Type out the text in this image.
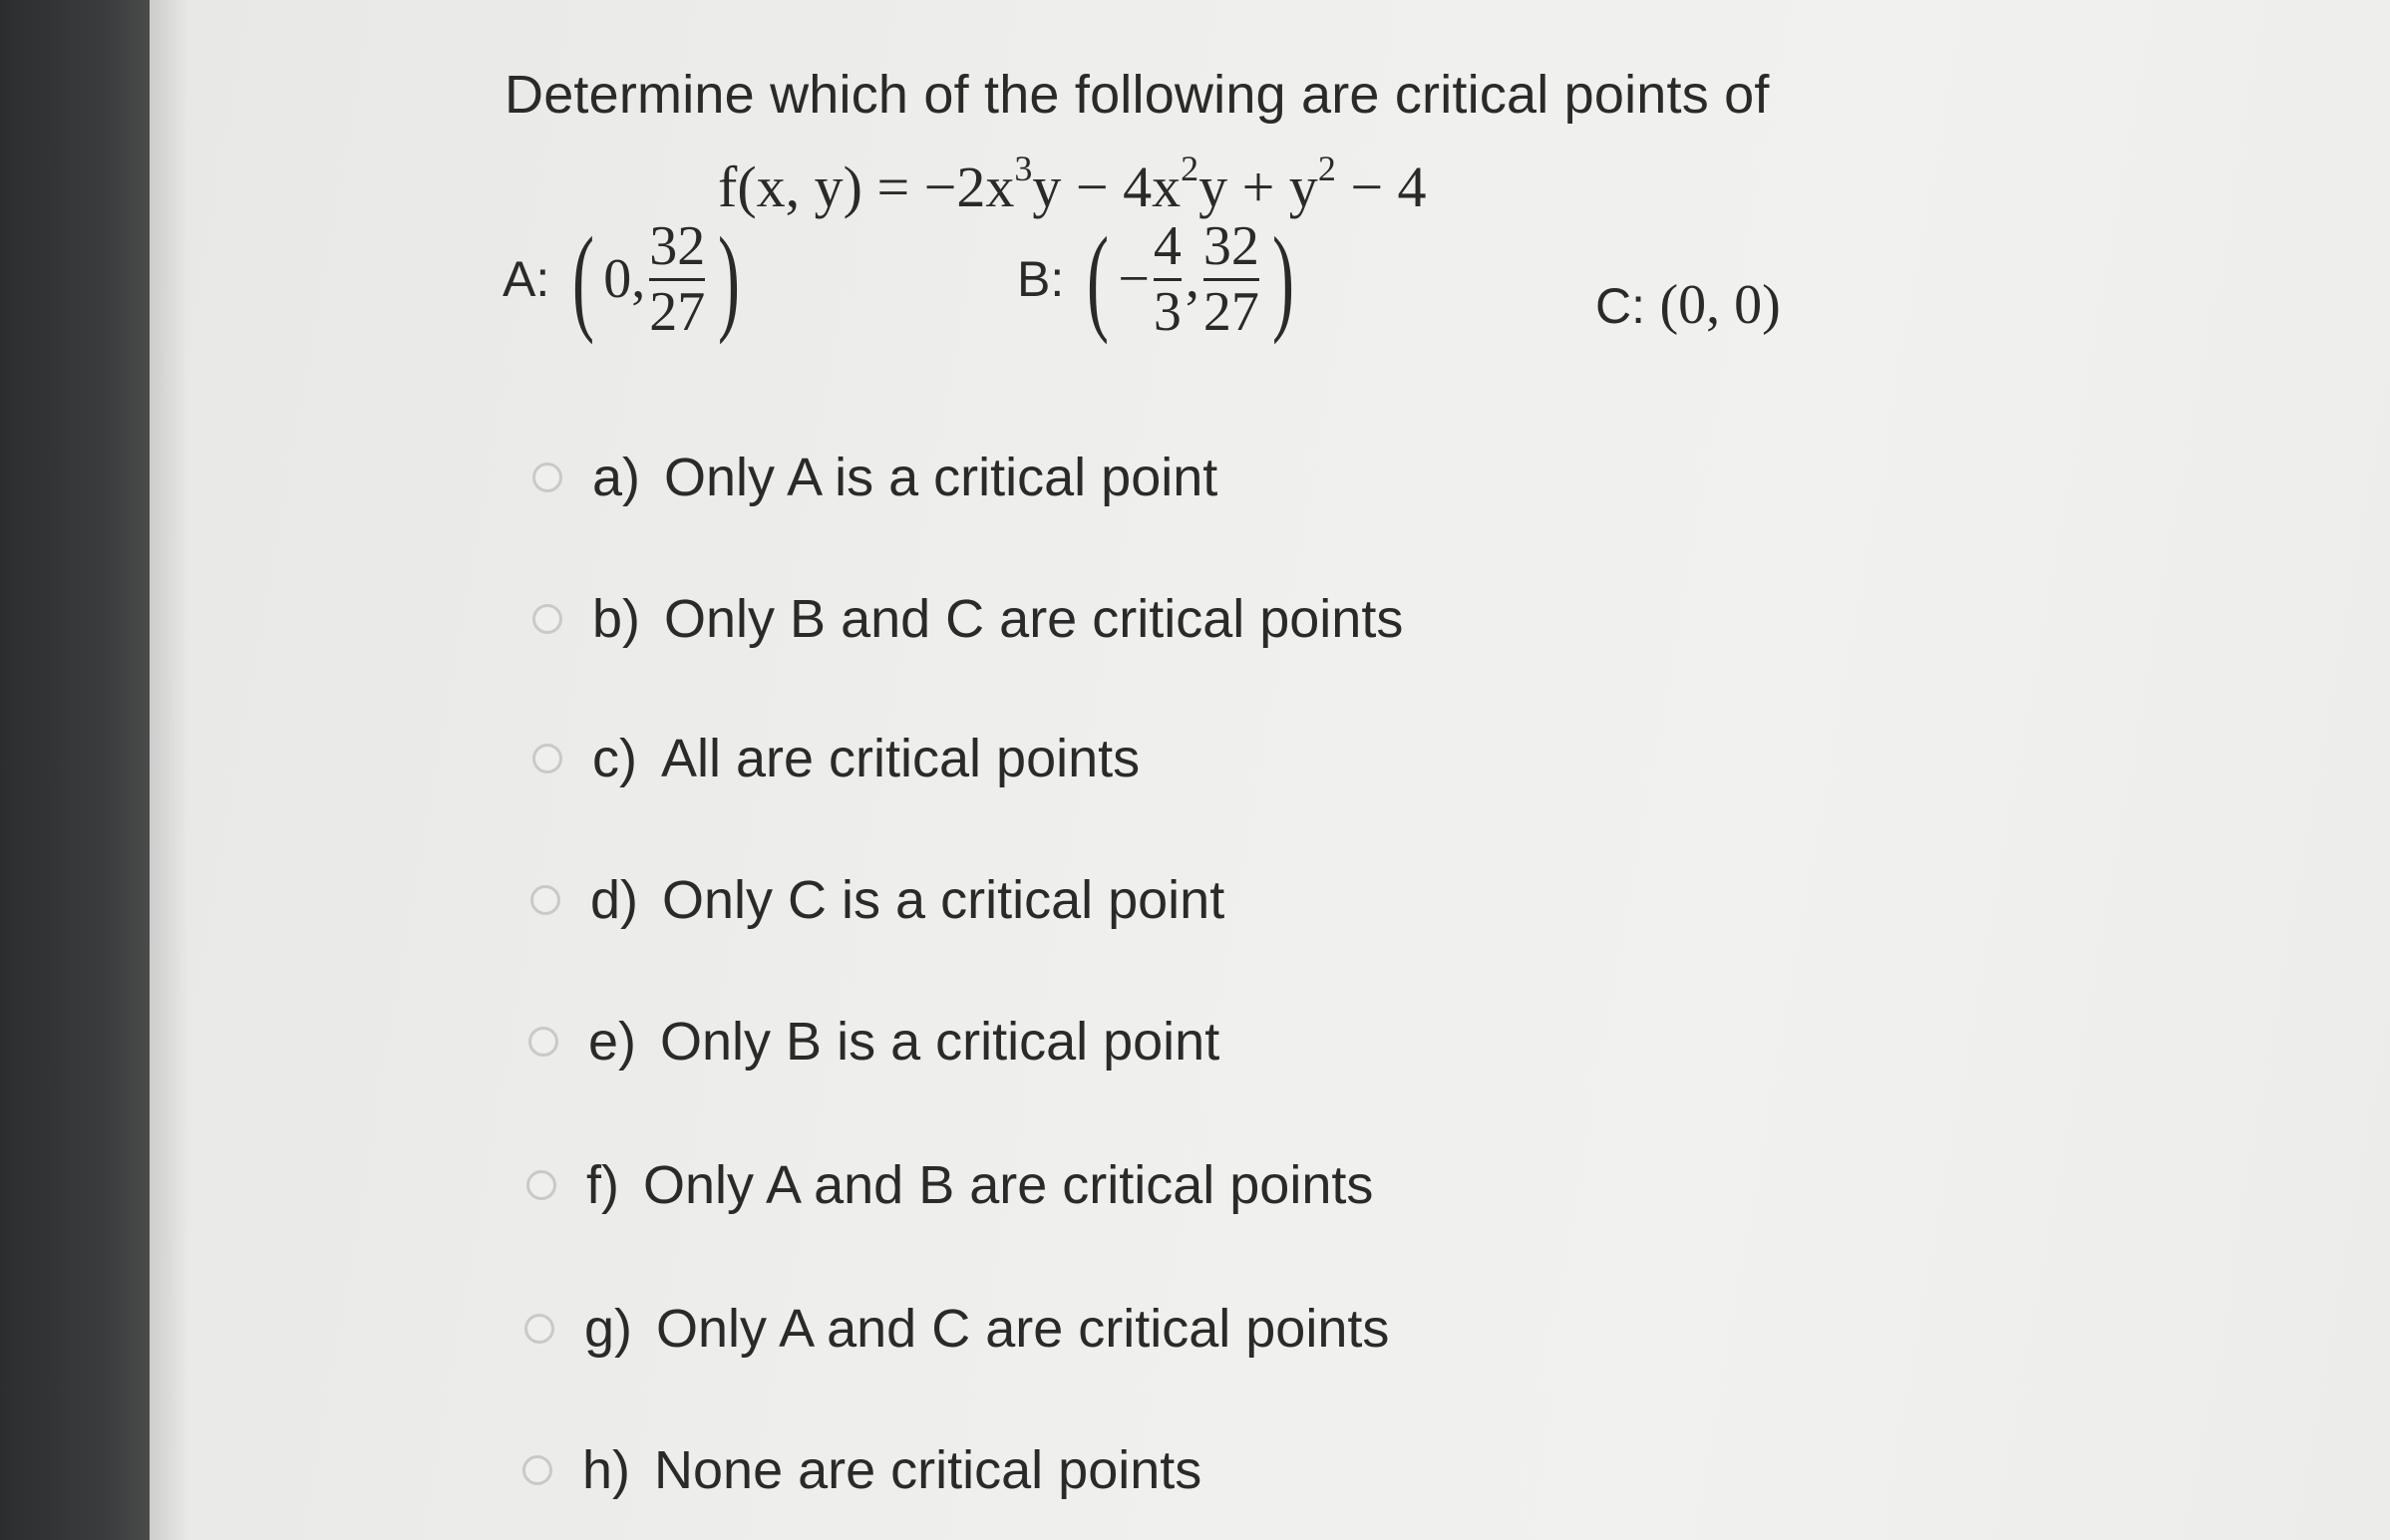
Determine which of the following are critical points of
f(x, $y) = -2x^3y - 4x^2y + y^2 - 4$
A: ( 0, $\frac{32}{27}$ )	B: ( − $\frac{4}{3}$ , $\frac{32}{27}$ )	C: (0, 0)
a) Only A is a critical point
b) Only B and C are critical points
c) All are critical points
d) Only C is a critical point
e) Only B is a critical point
f) Only A and B are critical points
g) Only A and C are critical points
h) None are critical points
